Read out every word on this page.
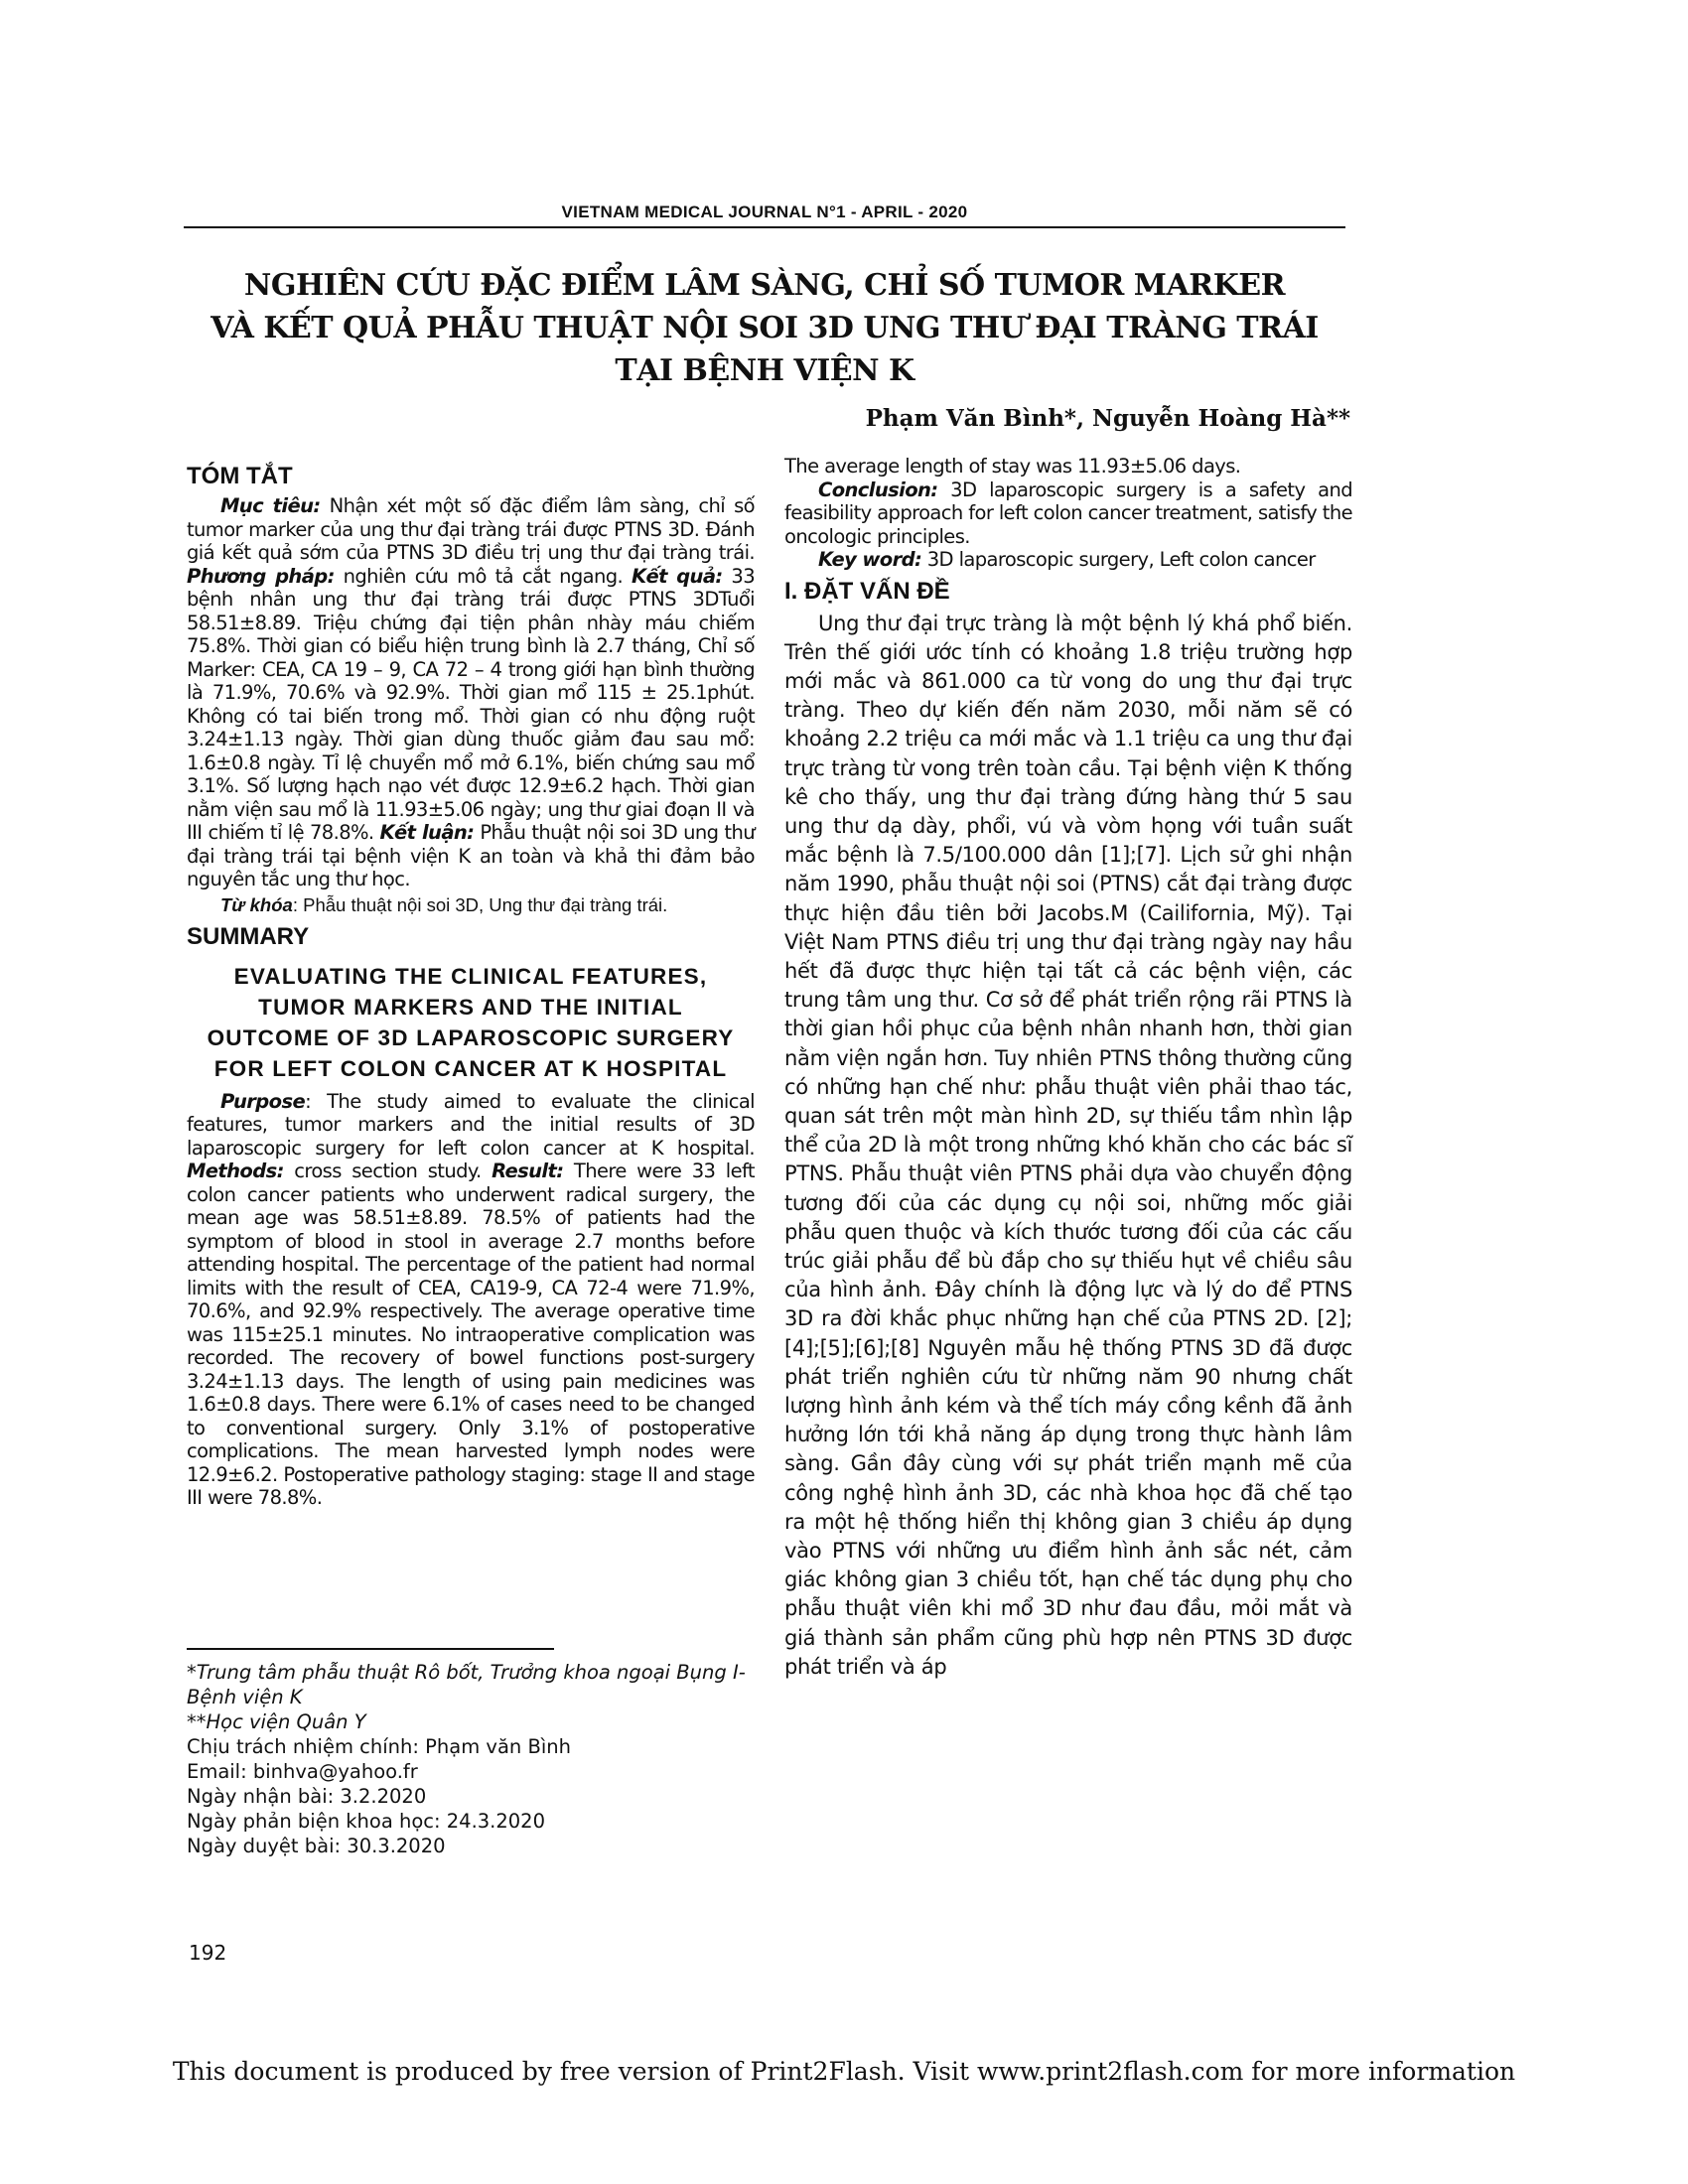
VIETNAM MEDICAL JOURNAL N°1 - APRIL - 2020
NGHIÊN CỨU ĐẶC ĐIỂM LÂM SÀNG, CHỈ SỐ TUMOR MARKER
VÀ KẾT QUẢ PHẪU THUẬT NỘI SOI 3D UNG THƯ ĐẠI TRÀNG TRÁI
TẠI BỆNH VIỆN K
Phạm Văn Bình*, Nguyễn Hoàng Hà**
TÓM TẮT

Mục tiêu: Nhận xét một số đặc điểm lâm sàng, chỉ số tumor marker của ung thư đại tràng trái được PTNS 3D. Đánh giá kết quả sớm của PTNS 3D điều trị ung thư đại tràng trái. Phương pháp: nghiên cứu mô tả cắt ngang. Kết quả: 33 bệnh nhân ung thư đại tràng trái được PTNS 3DTuổi 58.51±8.89. Triệu chứng đại tiện phân nhày máu chiếm 75.8%. Thời gian có biểu hiện trung bình là 2.7 tháng, Chỉ số Marker: CEA, CA 19 – 9, CA 72 – 4 trong giới hạn bình thường là 71.9%, 70.6% và 92.9%. Thời gian mổ 115 ± 25.1phút. Không có tai biến trong mổ. Thời gian có nhu động ruột 3.24±1.13 ngày. Thời gian dùng thuốc giảm đau sau mổ: 1.6±0.8 ngày. Tỉ lệ chuyển mổ mở 6.1%, biến chứng sau mổ 3.1%. Số lượng hạch nạo vét được 12.9±6.2 hạch. Thời gian nằm viện sau mổ là 11.93±5.06 ngày; ung thư giai đoạn II và III chiếm tỉ lệ 78.8%. Kết luận: Phẫu thuật nội soi 3D ung thư đại tràng trái tại bệnh viện K an toàn và khả thi đảm bảo nguyên tắc ung thư học.

Từ khóa: Phẫu thuật nội soi 3D, Ung thư đại tràng trái.
SUMMARY
EVALUATING THE CLINICAL FEATURES,
TUMOR MARKERS AND THE INITIAL
OUTCOME OF 3D LAPAROSCOPIC SURGERY
FOR LEFT COLON CANCER AT K HOSPITAL

Purpose: The study aimed to evaluate the clinical features, tumor markers and the initial results of 3D laparoscopic surgery for left colon cancer at K hospital. Methods: cross section study. Result: There were 33 left colon cancer patients who underwent radical surgery, the mean age was 58.51±8.89. 78.5% of patients had the symptom of blood in stool in average 2.7 months before attending hospital. The percentage of the patient had normal limits with the result of CEA, CA19-9, CA 72-4 were 71.9%, 70.6%, and 92.9% respectively. The average operative time was 115±25.1 minutes. No intraoperative complication was recorded. The recovery of bowel functions post-surgery 3.24±1.13 days. The length of using pain medicines was 1.6±0.8 days. There were 6.1% of cases need to be changed to conventional surgery. Only 3.1% of postoperative complications. The mean harvested lymph nodes were 12.9±6.2. Postoperative pathology staging: stage II and stage III were 78.8%.

*Trung tâm phẫu thuật Rô bốt, Trưởng khoa ngoại Bụng I- Bệnh viện K
**Học viện Quân Y
Chịu trách nhiệm chính: Phạm văn Bình
Email: binhva@yahoo.fr
Ngày nhận bài: 3.2.2020
Ngày phản biện khoa học: 24.3.2020
Ngày duyệt bài: 30.3.2020

The average length of stay was 11.93±5.06 days.

Conclusion: 3D laparoscopic surgery is a safety and feasibility approach for left colon cancer treatment, satisfy the oncologic principles.

Key word: 3D laparoscopic surgery, Left colon cancer

I. ĐẶT VẤN ĐỀ

Ung thư đại trực tràng là một bệnh lý khá phổ biến. Trên thế giới ước tính có khoảng 1.8 triệu trường hợp mới mắc và 861.000 ca từ vong do ung thư đại trực tràng. Theo dự kiến đến năm 2030, mỗi năm sẽ có khoảng 2.2 triệu ca mới mắc và 1.1 triệu ca ung thư đại trực tràng từ vong trên toàn cầu. Tại bệnh viện K thống kê cho thấy, ung thư đại tràng đứng hàng thứ 5 sau ung thư dạ dày, phổi, vú và vòm họng với tuần suất mắc bệnh là 7.5/100.000 dân [1];[7]. Lịch sử ghi nhận năm 1990, phẫu thuật nội soi (PTNS) cắt đại tràng được thực hiện đầu tiên bởi Jacobs.M (Cailifornia, Mỹ). Tại Việt Nam PTNS điều trị ung thư đại tràng ngày nay hầu hết đã được thực hiện tại tất cả các bệnh viện, các trung tâm ung thư. Cơ sở để phát triển rộng rãi PTNS là thời gian hồi phục của bệnh nhân nhanh hơn, thời gian nằm viện ngắn hơn. Tuy nhiên PTNS thông thường cũng có những hạn chế như: phẫu thuật viên phải thao tác, quan sát trên một màn hình 2D, sự thiếu tầm nhìn lập thể của 2D là một trong những khó khăn cho các bác sĩ PTNS. Phẫu thuật viên PTNS phải dựa vào chuyển động tương đối của các dụng cụ nội soi, những mốc giải phẫu quen thuộc và kích thước tương đối của các cấu trúc giải phẫu để bù đắp cho sự thiếu hụt về chiều sâu của hình ảnh. Đây chính là động lực và lý do để PTNS 3D ra đời khắc phục những hạn chế của PTNS 2D. [2];[4];[5];[6];[8] Nguyên mẫu hệ thống PTNS 3D đã được phát triển nghiên cứu từ những năm 90 nhưng chất lượng hình ảnh kém và thể tích máy cồng kềnh đã ảnh hưởng lớn tới khả năng áp dụng trong thực hành lâm sàng. Gần đây cùng với sự phát triển mạnh mẽ của công nghệ hình ảnh 3D, các nhà khoa học đã chế tạo ra một hệ thống hiển thị không gian 3 chiều áp dụng vào PTNS với những ưu điểm hình ảnh sắc nét, cảm giác không gian 3 chiều tốt, hạn chế tác dụng phụ cho phẫu thuật viên khi mổ 3D như đau đầu, mỏi mắt và giá thành sản phẩm cũng phù hợp nên PTNS 3D được phát triển và áp

192
This document is produced by free version of Print2Flash. Visit www.print2flash.com for more information
